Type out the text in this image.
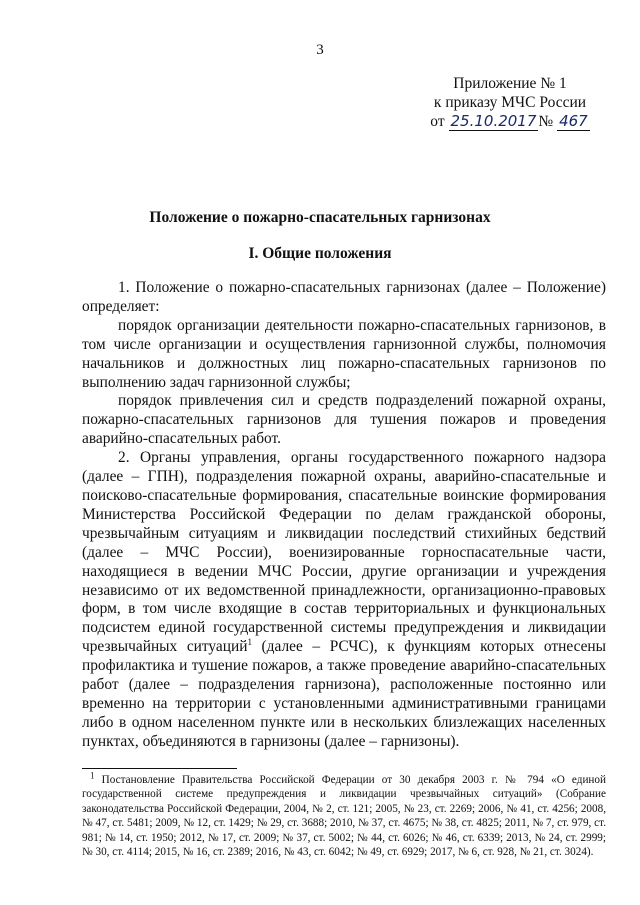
3
Приложение № 1
к приказу МЧС России
от 25.10.2017 № 467
Положение о пожарно-спасательных гарнизонах
I. Общие положения

1. Положение о пожарно-спасательных гарнизонах (далее – Положение) определяет:

порядок организации деятельности пожарно-спасательных гарнизонов, в том числе организации и осуществления гарнизонной службы, полномочия начальников и должностных лиц пожарно-спасательных гарнизонов по выполнению задач гарнизонной службы;

порядок привлечения сил и средств подразделений пожарной охраны, пожарно-спасательных гарнизонов для тушения пожаров и проведения аварийно-спасательных работ.

2. Органы управления, органы государственного пожарного надзора (далее – ГПН), подразделения пожарной охраны, аварийно-спасательные и поисково-спасательные формирования, спасательные воинские формирования Министерства Российской Федерации по делам гражданской обороны, чрезвычайным ситуациям и ликвидации последствий стихийных бедствий (далее – МЧС России), военизированные горноспасательные части, находящиеся в ведении МЧС России, другие организации и учреждения независимо от их ведомственной принадлежности, организационно-правовых форм, в том числе входящие в состав территориальных и функциональных подсистем единой государственной системы предупреждения и ликвидации чрезвычайных ситуаций$^1$ (далее – РСЧС), к функциям которых отнесены профилактика и тушение пожаров, а также проведение аварийно-спасательных работ (далее – подразделения гарнизона), расположенные постоянно или временно на территории с установленными административными границами либо в одном населенном пункте или в нескольких близлежащих населенных пунктах, объединяются в гарнизоны (далее – гарнизоны).

$^1$ Постановление Правительства Российской Федерации от 30 декабря 2003 г. № 794 «О единой государственной системе предупреждения и ликвидации чрезвычайных ситуаций» (Собрание законодательства Российской Федерации, 2004, № 2, ст. 121; 2005, № 23, ст. 2269; 2006, № 41, ст. 4256; 2008, № 47, ст. 5481; 2009, № 12, ст. 1429; № 29, ст. 3688; 2010, № 37, ст. 4675; № 38, ст. 4825; 2011, № 7, ст. 979, ст. 981; № 14, ст. 1950; 2012, № 17, ст. 2009; № 37, ст. 5002; № 44, ст. 6026; № 46, ст. 6339; 2013, № 24, ст. 2999; № 30, ст. 4114; 2015, № 16, ст. 2389; 2016, № 43, ст. 6042; № 49, ст. 6929; 2017, № 6, ст. 928, № 21, ст. 3024).
